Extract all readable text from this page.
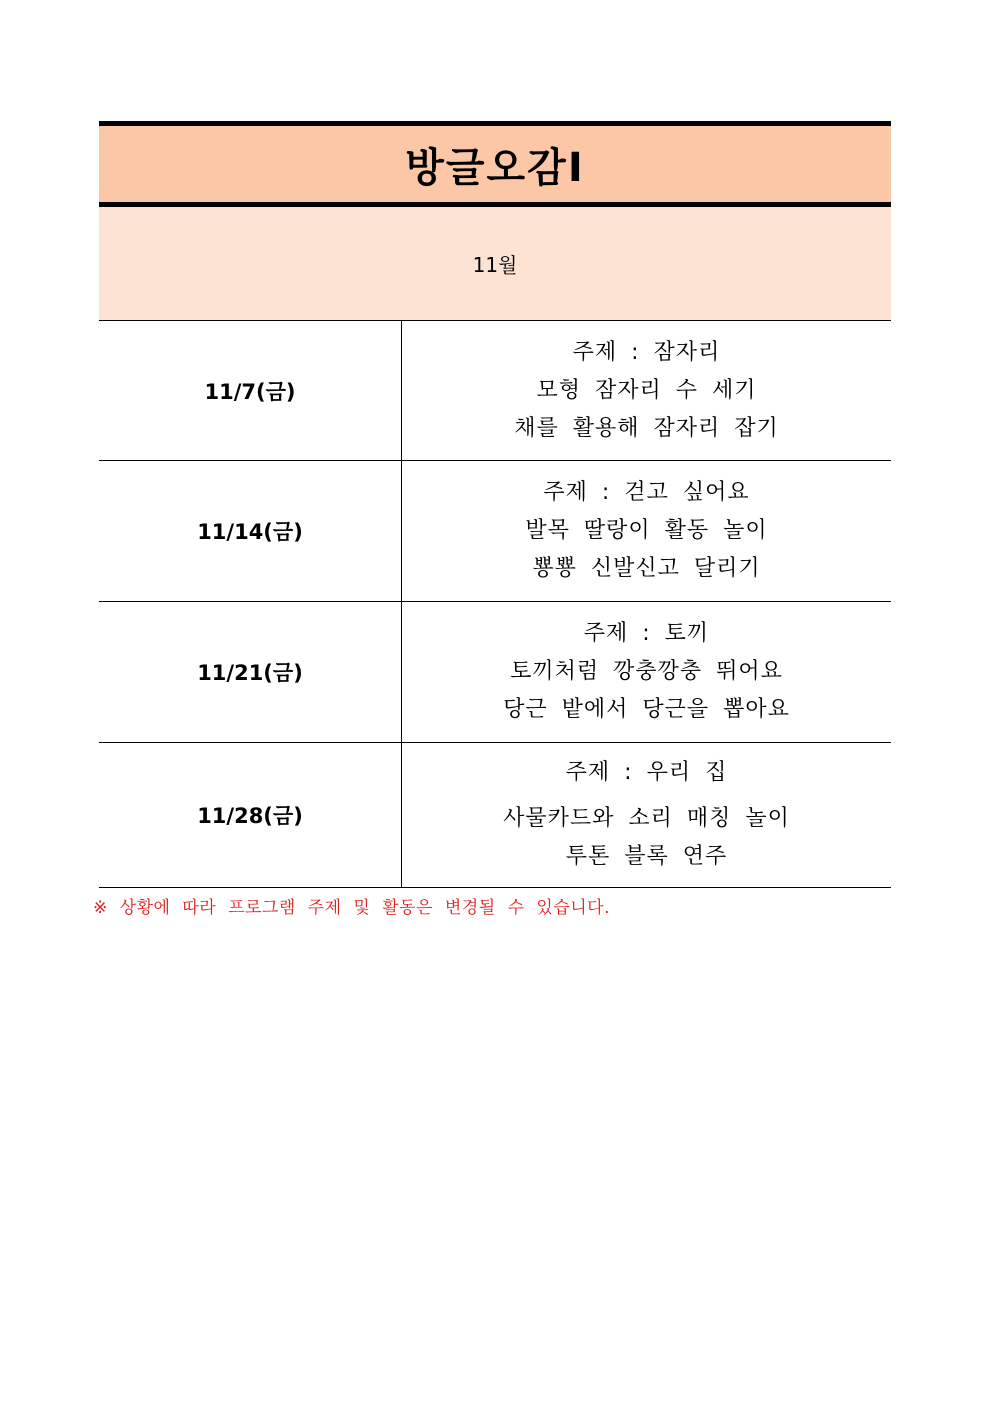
방글오감Ⅰ
11월
11/7(금)	주제 : 잠자리
모형 잠자리 수 세기
채를 활용해 잠자리 잡기

11/14(금)	주제 : 걷고 싶어요
발목 딸랑이 활동 놀이
뿅뿅 신발신고 달리기

11/21(금)	주제 : 토끼
토끼처럼 깡충깡충 뛰어요
당근 밭에서 당근을 뽑아요

11/28(금)	주제 : 우리 집
사물카드와 소리 매칭 놀이
투톤 블록 연주
※ 상황에 따라 프로그램 주제 및 활동은 변경될 수 있습니다.
